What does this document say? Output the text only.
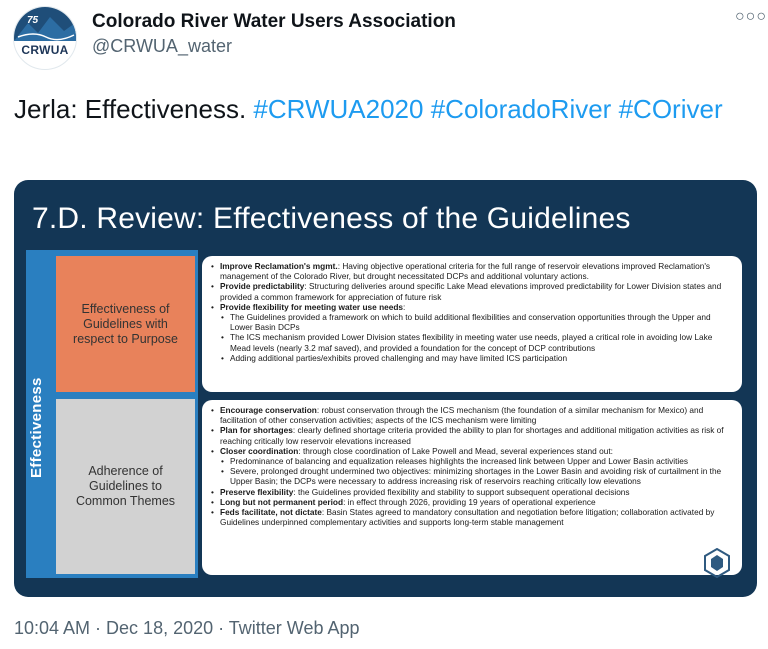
75
CRWUA
Colorado River Water Users Association
@CRWUA_water
○○○
Jerla: Effectiveness. #CRWUA2020 #ColoradoRiver #COriver
7.D. Review: Effectiveness of the Guidelines
Effectiveness
Effectiveness of Guidelines with respect to Purpose
Adherence of Guidelines to Common Themes
• Improve Reclamation's mgmt.: Having objective operational criteria for the full range of reservoir elevations improved Reclamation's management of the Colorado River, but drought necessitated DCPs and additional voluntary actions.
• Provide predictability: Structuring deliveries around specific Lake Mead elevations improved predictability for Lower Division states and provided a common framework for appreciation of future risk
• Provide flexibility for meeting water use needs:
• The Guidelines provided a framework on which to build additional flexibilities and conservation opportunities through the Upper and Lower Basin DCPs
• The ICS mechanism provided Lower Division states flexibility in meeting water use needs, played a critical role in avoiding low Lake Mead levels (nearly 3.2 maf saved), and provided a foundation for the concept of DCP contributions
• Adding additional parties/exhibits proved challenging and may have limited ICS participation
• Encourage conservation: robust conservation through the ICS mechanism (the foundation of a similar mechanism for Mexico) and facilitation of other conservation activities; aspects of the ICS mechanism were limiting
• Plan for shortages: clearly defined shortage criteria provided the ability to plan for shortages and additional mitigation activities as risk of reaching critically low reservoir elevations increased
• Closer coordination: through close coordination of Lake Powell and Mead, several experiences stand out:
• Predominance of balancing and equalization releases highlights the increased link between Upper and Lower Basin activities
• Severe, prolonged drought undermined two objectives: minimizing shortages in the Lower Basin and avoiding risk of curtailment in the Upper Basin; the DCPs were necessary to address increasing risk of reservoirs reaching critically low elevations
• Preserve flexibility: the Guidelines provided flexibility and stability to support subsequent operational decisions
• Long but not permanent period: in effect through 2026, providing 19 years of operational experience
• Feds facilitate, not dictate: Basin States agreed to mandatory consultation and negotiation before litigation; collaboration activated by Guidelines underpinned complementary activities and supports long-term stable management
10:04 AM · Dec 18, 2020 · Twitter Web App
